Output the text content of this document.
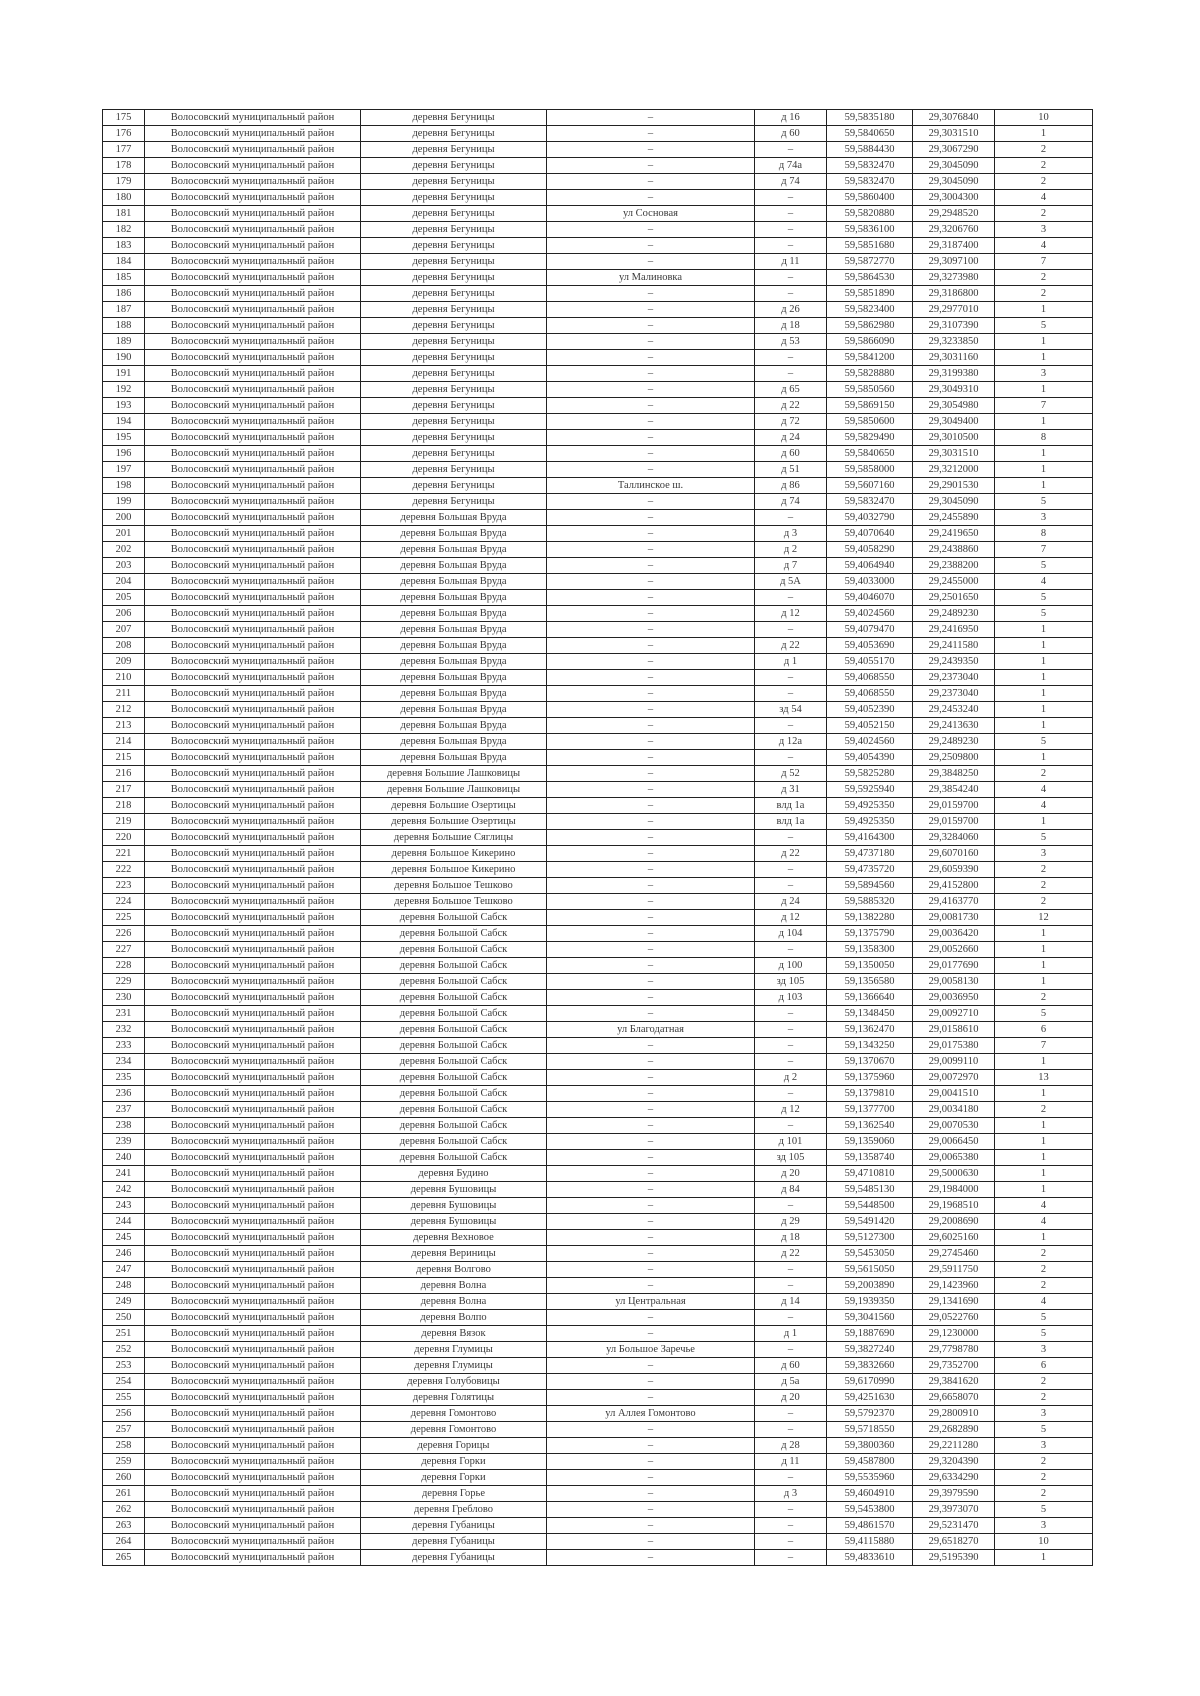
175	Волосовский муниципальный район	деревня Бегуницы	–	д 16	59,5835180	29,3076840	10
176	Волосовский муниципальный район	деревня Бегуницы	–	д 60	59,5840650	29,3031510	1
177	Волосовский муниципальный район	деревня Бегуницы	–	–	59,5884430	29,3067290	2
178	Волосовский муниципальный район	деревня Бегуницы	–	д 74а	59,5832470	29,3045090	2
179	Волосовский муниципальный район	деревня Бегуницы	–	д 74	59,5832470	29,3045090	2
180	Волосовский муниципальный район	деревня Бегуницы	–	–	59,5860400	29,3004300	4
181	Волосовский муниципальный район	деревня Бегуницы	ул Сосновая	–	59,5820880	29,2948520	2
182	Волосовский муниципальный район	деревня Бегуницы	–	–	59,5836100	29,3206760	3
183	Волосовский муниципальный район	деревня Бегуницы	–	–	59,5851680	29,3187400	4
184	Волосовский муниципальный район	деревня Бегуницы	–	д 11	59,5872770	29,3097100	7
185	Волосовский муниципальный район	деревня Бегуницы	ул Малиновка	–	59,5864530	29,3273980	2
186	Волосовский муниципальный район	деревня Бегуницы	–	–	59,5851890	29,3186800	2
187	Волосовский муниципальный район	деревня Бегуницы	–	д 26	59,5823400	29,2977010	1
188	Волосовский муниципальный район	деревня Бегуницы	–	д 18	59,5862980	29,3107390	5
189	Волосовский муниципальный район	деревня Бегуницы	–	д 53	59,5866090	29,3233850	1
190	Волосовский муниципальный район	деревня Бегуницы	–	–	59,5841200	29,3031160	1
191	Волосовский муниципальный район	деревня Бегуницы	–	–	59,5828880	29,3199380	3
192	Волосовский муниципальный район	деревня Бегуницы	–	д 65	59,5850560	29,3049310	1
193	Волосовский муниципальный район	деревня Бегуницы	–	д 22	59,5869150	29,3054980	7
194	Волосовский муниципальный район	деревня Бегуницы	–	д 72	59,5850600	29,3049400	1
195	Волосовский муниципальный район	деревня Бегуницы	–	д 24	59,5829490	29,3010500	8
196	Волосовский муниципальный район	деревня Бегуницы	–	д 60	59,5840650	29,3031510	1
197	Волосовский муниципальный район	деревня Бегуницы	–	д 51	59,5858000	29,3212000	1
198	Волосовский муниципальный район	деревня Бегуницы	Таллинское ш.	д 86	59,5607160	29,2901530	1
199	Волосовский муниципальный район	деревня Бегуницы	–	д 74	59,5832470	29,3045090	5
200	Волосовский муниципальный район	деревня Большая Вруда	–	–	59,4032790	29,2455890	3
201	Волосовский муниципальный район	деревня Большая Вруда	–	д 3	59,4070640	29,2419650	8
202	Волосовский муниципальный район	деревня Большая Вруда	–	д 2	59,4058290	29,2438860	7
203	Волосовский муниципальный район	деревня Большая Вруда	–	д 7	59,4064940	29,2388200	5
204	Волосовский муниципальный район	деревня Большая Вруда	–	д 5А	59,4033000	29,2455000	4
205	Волосовский муниципальный район	деревня Большая Вруда	–	–	59,4046070	29,2501650	5
206	Волосовский муниципальный район	деревня Большая Вруда	–	д 12	59,4024560	29,2489230	5
207	Волосовский муниципальный район	деревня Большая Вруда	–	–	59,4079470	29,2416950	1
208	Волосовский муниципальный район	деревня Большая Вруда	–	д 22	59,4053690	29,2411580	1
209	Волосовский муниципальный район	деревня Большая Вруда	–	д 1	59,4055170	29,2439350	1
210	Волосовский муниципальный район	деревня Большая Вруда	–	–	59,4068550	29,2373040	1
211	Волосовский муниципальный район	деревня Большая Вруда	–	–	59,4068550	29,2373040	1
212	Волосовский муниципальный район	деревня Большая Вруда	–	зд 54	59,4052390	29,2453240	1
213	Волосовский муниципальный район	деревня Большая Вруда	–	–	59,4052150	29,2413630	1
214	Волосовский муниципальный район	деревня Большая Вруда	–	д 12а	59,4024560	29,2489230	5
215	Волосовский муниципальный район	деревня Большая Вруда	–	–	59,4054390	29,2509800	1
216	Волосовский муниципальный район	деревня Большие Лашковицы	–	д 52	59,5825280	29,3848250	2
217	Волосовский муниципальный район	деревня Большие Лашковицы	–	д 31	59,5925940	29,3854240	4
218	Волосовский муниципальный район	деревня Большие Озертицы	–	влд 1а	59,4925350	29,0159700	4
219	Волосовский муниципальный район	деревня Большие Озертицы	–	влд 1а	59,4925350	29,0159700	1
220	Волосовский муниципальный район	деревня Большие Сяглицы	–	–	59,4164300	29,3284060	5
221	Волосовский муниципальный район	деревня Большое Кикерино	–	д 22	59,4737180	29,6070160	3
222	Волосовский муниципальный район	деревня Большое Кикерино	–	–	59,4735720	29,6059390	2
223	Волосовский муниципальный район	деревня Большое Тешково	–	–	59,5894560	29,4152800	2
224	Волосовский муниципальный район	деревня Большое Тешково	–	д 24	59,5885320	29,4163770	2
225	Волосовский муниципальный район	деревня Большой Сабск	–	д 12	59,1382280	29,0081730	12
226	Волосовский муниципальный район	деревня Большой Сабск	–	д 104	59,1375790	29,0036420	1
227	Волосовский муниципальный район	деревня Большой Сабск	–	–	59,1358300	29,0052660	1
228	Волосовский муниципальный район	деревня Большой Сабск	–	д 100	59,1350050	29,0177690	1
229	Волосовский муниципальный район	деревня Большой Сабск	–	зд 105	59,1356580	29,0058130	1
230	Волосовский муниципальный район	деревня Большой Сабск	–	д 103	59,1366640	29,0036950	2
231	Волосовский муниципальный район	деревня Большой Сабск	–	–	59,1348450	29,0092710	5
232	Волосовский муниципальный район	деревня Большой Сабск	ул Благодатная	–	59,1362470	29,0158610	6
233	Волосовский муниципальный район	деревня Большой Сабск	–	–	59,1343250	29,0175380	7
234	Волосовский муниципальный район	деревня Большой Сабск	–	–	59,1370670	29,0099110	1
235	Волосовский муниципальный район	деревня Большой Сабск	–	д 2	59,1375960	29,0072970	13
236	Волосовский муниципальный район	деревня Большой Сабск	–	–	59,1379810	29,0041510	1
237	Волосовский муниципальный район	деревня Большой Сабск	–	д 12	59,1377700	29,0034180	2
238	Волосовский муниципальный район	деревня Большой Сабск	–	–	59,1362540	29,0070530	1
239	Волосовский муниципальный район	деревня Большой Сабск	–	д 101	59,1359060	29,0066450	1
240	Волосовский муниципальный район	деревня Большой Сабск	–	зд 105	59,1358740	29,0065380	1
241	Волосовский муниципальный район	деревня Будино	–	д 20	59,4710810	29,5000630	1
242	Волосовский муниципальный район	деревня Бушовицы	–	д 84	59,5485130	29,1984000	1
243	Волосовский муниципальный район	деревня Бушовицы	–	–	59,5448500	29,1968510	4
244	Волосовский муниципальный район	деревня Бушовицы	–	д 29	59,5491420	29,2008690	4
245	Волосовский муниципальный район	деревня Вехновое	–	д 18	59,5127300	29,6025160	1
246	Волосовский муниципальный район	деревня Вериницы	–	д 22	59,5453050	29,2745460	2
247	Волосовский муниципальный район	деревня Волгово	–	–	59,5615050	29,5911750	2
248	Волосовский муниципальный район	деревня Волна	–	–	59,2003890	29,1423960	2
249	Волосовский муниципальный район	деревня Волна	ул Центральная	д 14	59,1939350	29,1341690	4
250	Волосовский муниципальный район	деревня Волпо	–	–	59,3041560	29,0522760	5
251	Волосовский муниципальный район	деревня Вязок	–	д 1	59,1887690	29,1230000	5
252	Волосовский муниципальный район	деревня Глумицы	ул Большое Заречье	–	59,3827240	29,7798780	3
253	Волосовский муниципальный район	деревня Глумицы	–	д 60	59,3832660	29,7352700	6
254	Волосовский муниципальный район	деревня Голубовицы	–	д 5а	59,6170990	29,3841620	2
255	Волосовский муниципальный район	деревня Голятицы	–	д 20	59,4251630	29,6658070	2
256	Волосовский муниципальный район	деревня Гомонтово	ул Аллея Гомонтово	–	59,5792370	29,2800910	3
257	Волосовский муниципальный район	деревня Гомонтово	–	–	59,5718550	29,2682890	5
258	Волосовский муниципальный район	деревня Горицы	–	д 28	59,3800360	29,2211280	3
259	Волосовский муниципальный район	деревня Горки	–	д 11	59,4587800	29,3204390	2
260	Волосовский муниципальный район	деревня Горки	–	–	59,5535960	29,6334290	2
261	Волосовский муниципальный район	деревня Горье	–	д 3	59,4604910	29,3979590	2
262	Волосовский муниципальный район	деревня Греблово	–	–	59,5453800	29,3973070	5
263	Волосовский муниципальный район	деревня Губаницы	–	–	59,4861570	29,5231470	3
264	Волосовский муниципальный район	деревня Губаницы	–	–	59,4115880	29,6518270	10
265	Волосовский муниципальный район	деревня Губаницы	–	–	59,4833610	29,5195390	1
